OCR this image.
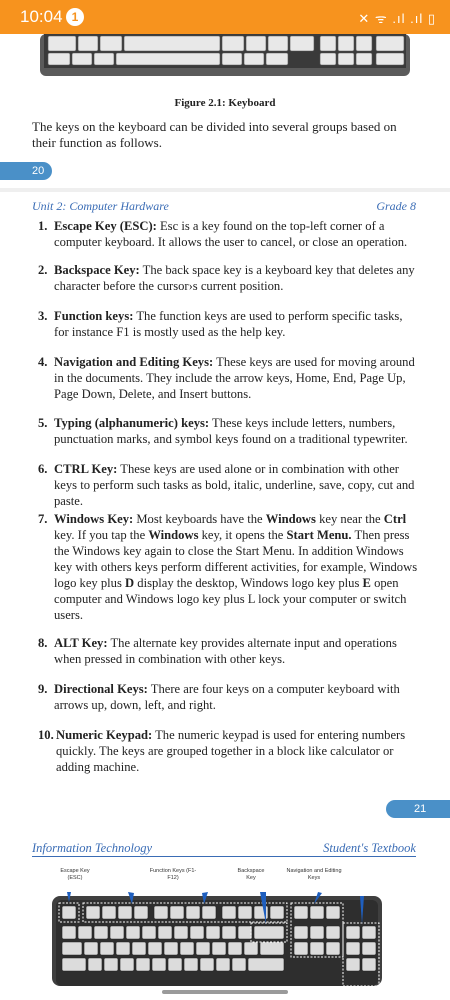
10:04 1	✕ ᯤ .ıl .ıl ▯
Figure 2.1: Keyboard

The keys on the keyboard can be divided into several groups based on their function as follows.

20
Unit 2: Computer Hardware	Grade 8
1. Escape Key (ESC): Esc is a key found on the top-left corner of a computer keyboard. It allows the user to cancel, or close an operation.
2. Backspace Key: The back space key is a keyboard key that deletes any character before the cursor›s current position.
3. Function keys: The function keys are used to perform specific tasks, for instance F1 is mostly used as the help key.
4. Navigation and Editing Keys: These keys are used for moving around in the documents. They include the arrow keys, Home, End, Page Up, Page Down, Delete, and Insert buttons.
5. Typing (alphanumeric) keys: These keys include letters, numbers, punctuation marks, and symbol keys found on a traditional typewriter.
6. CTRL Key: These keys are used alone or in combination with other keys to perform such tasks as bold, italic, underline, save, copy, cut and paste.
7. Windows Key: Most keyboards have the Windows key near the Ctrl key. If you tap the Windows key, it opens the Start Menu. Then press the Windows key again to close the Start Menu. In addition Windows key with others keys perform different activities, for example, Windows logo key plus D display the desktop, Windows logo key plus E open computer and Windows logo key plus L lock your computer or switch users.
8. ALT Key: The alternate key provides alternate input and operations when pressed in combination with other keys.
9. Directional Keys: There are four keys on a computer keyboard with arrows up, down, left, and right.
10. Numeric Keypad: The numeric keypad is used for entering numbers quickly. The keys are grouped together in a block like calculator or adding machine.
21
Information Technology	Student's Textbook
Escape Key (ESC)
Function Keys (F1-F12)
Backspace Key
Navigation and Editing Keys
